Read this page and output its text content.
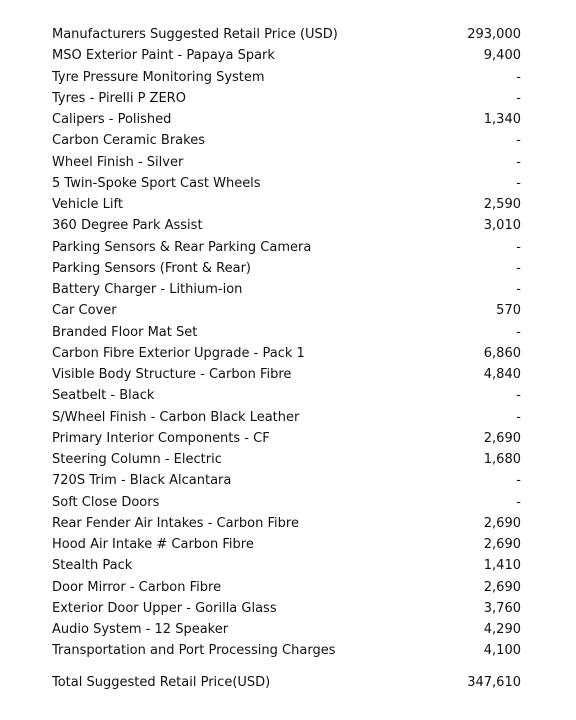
Manufacturers Suggested Retail Price (USD)	293,000
MSO Exterior Paint - Papaya Spark	9,400
Tyre Pressure Monitoring System	-
Tyres - Pirelli P ZERO	-
Calipers - Polished	1,340
Carbon Ceramic Brakes	-
Wheel Finish - Silver	-
5 Twin-Spoke Sport Cast Wheels	-
Vehicle Lift	2,590
360 Degree Park Assist	3,010
Parking Sensors & Rear Parking Camera	-
Parking Sensors (Front & Rear)	-
Battery Charger - Lithium-ion	-
Car Cover	570
Branded Floor Mat Set	-
Carbon Fibre Exterior Upgrade - Pack 1	6,860
Visible Body Structure - Carbon Fibre	4,840
Seatbelt - Black	-
S/Wheel Finish - Carbon Black Leather	-
Primary Interior Components - CF	2,690
Steering Column - Electric	1,680
720S Trim - Black Alcantara	-
Soft Close Doors	-
Rear Fender Air Intakes - Carbon Fibre	2,690
Hood Air Intake # Carbon Fibre	2,690
Stealth Pack	1,410
Door Mirror - Carbon Fibre	2,690
Exterior Door Upper - Gorilla Glass	3,760
Audio System - 12 Speaker	4,290
Transportation and Port Processing Charges	4,100
Total Suggested Retail Price(USD)	347,610
